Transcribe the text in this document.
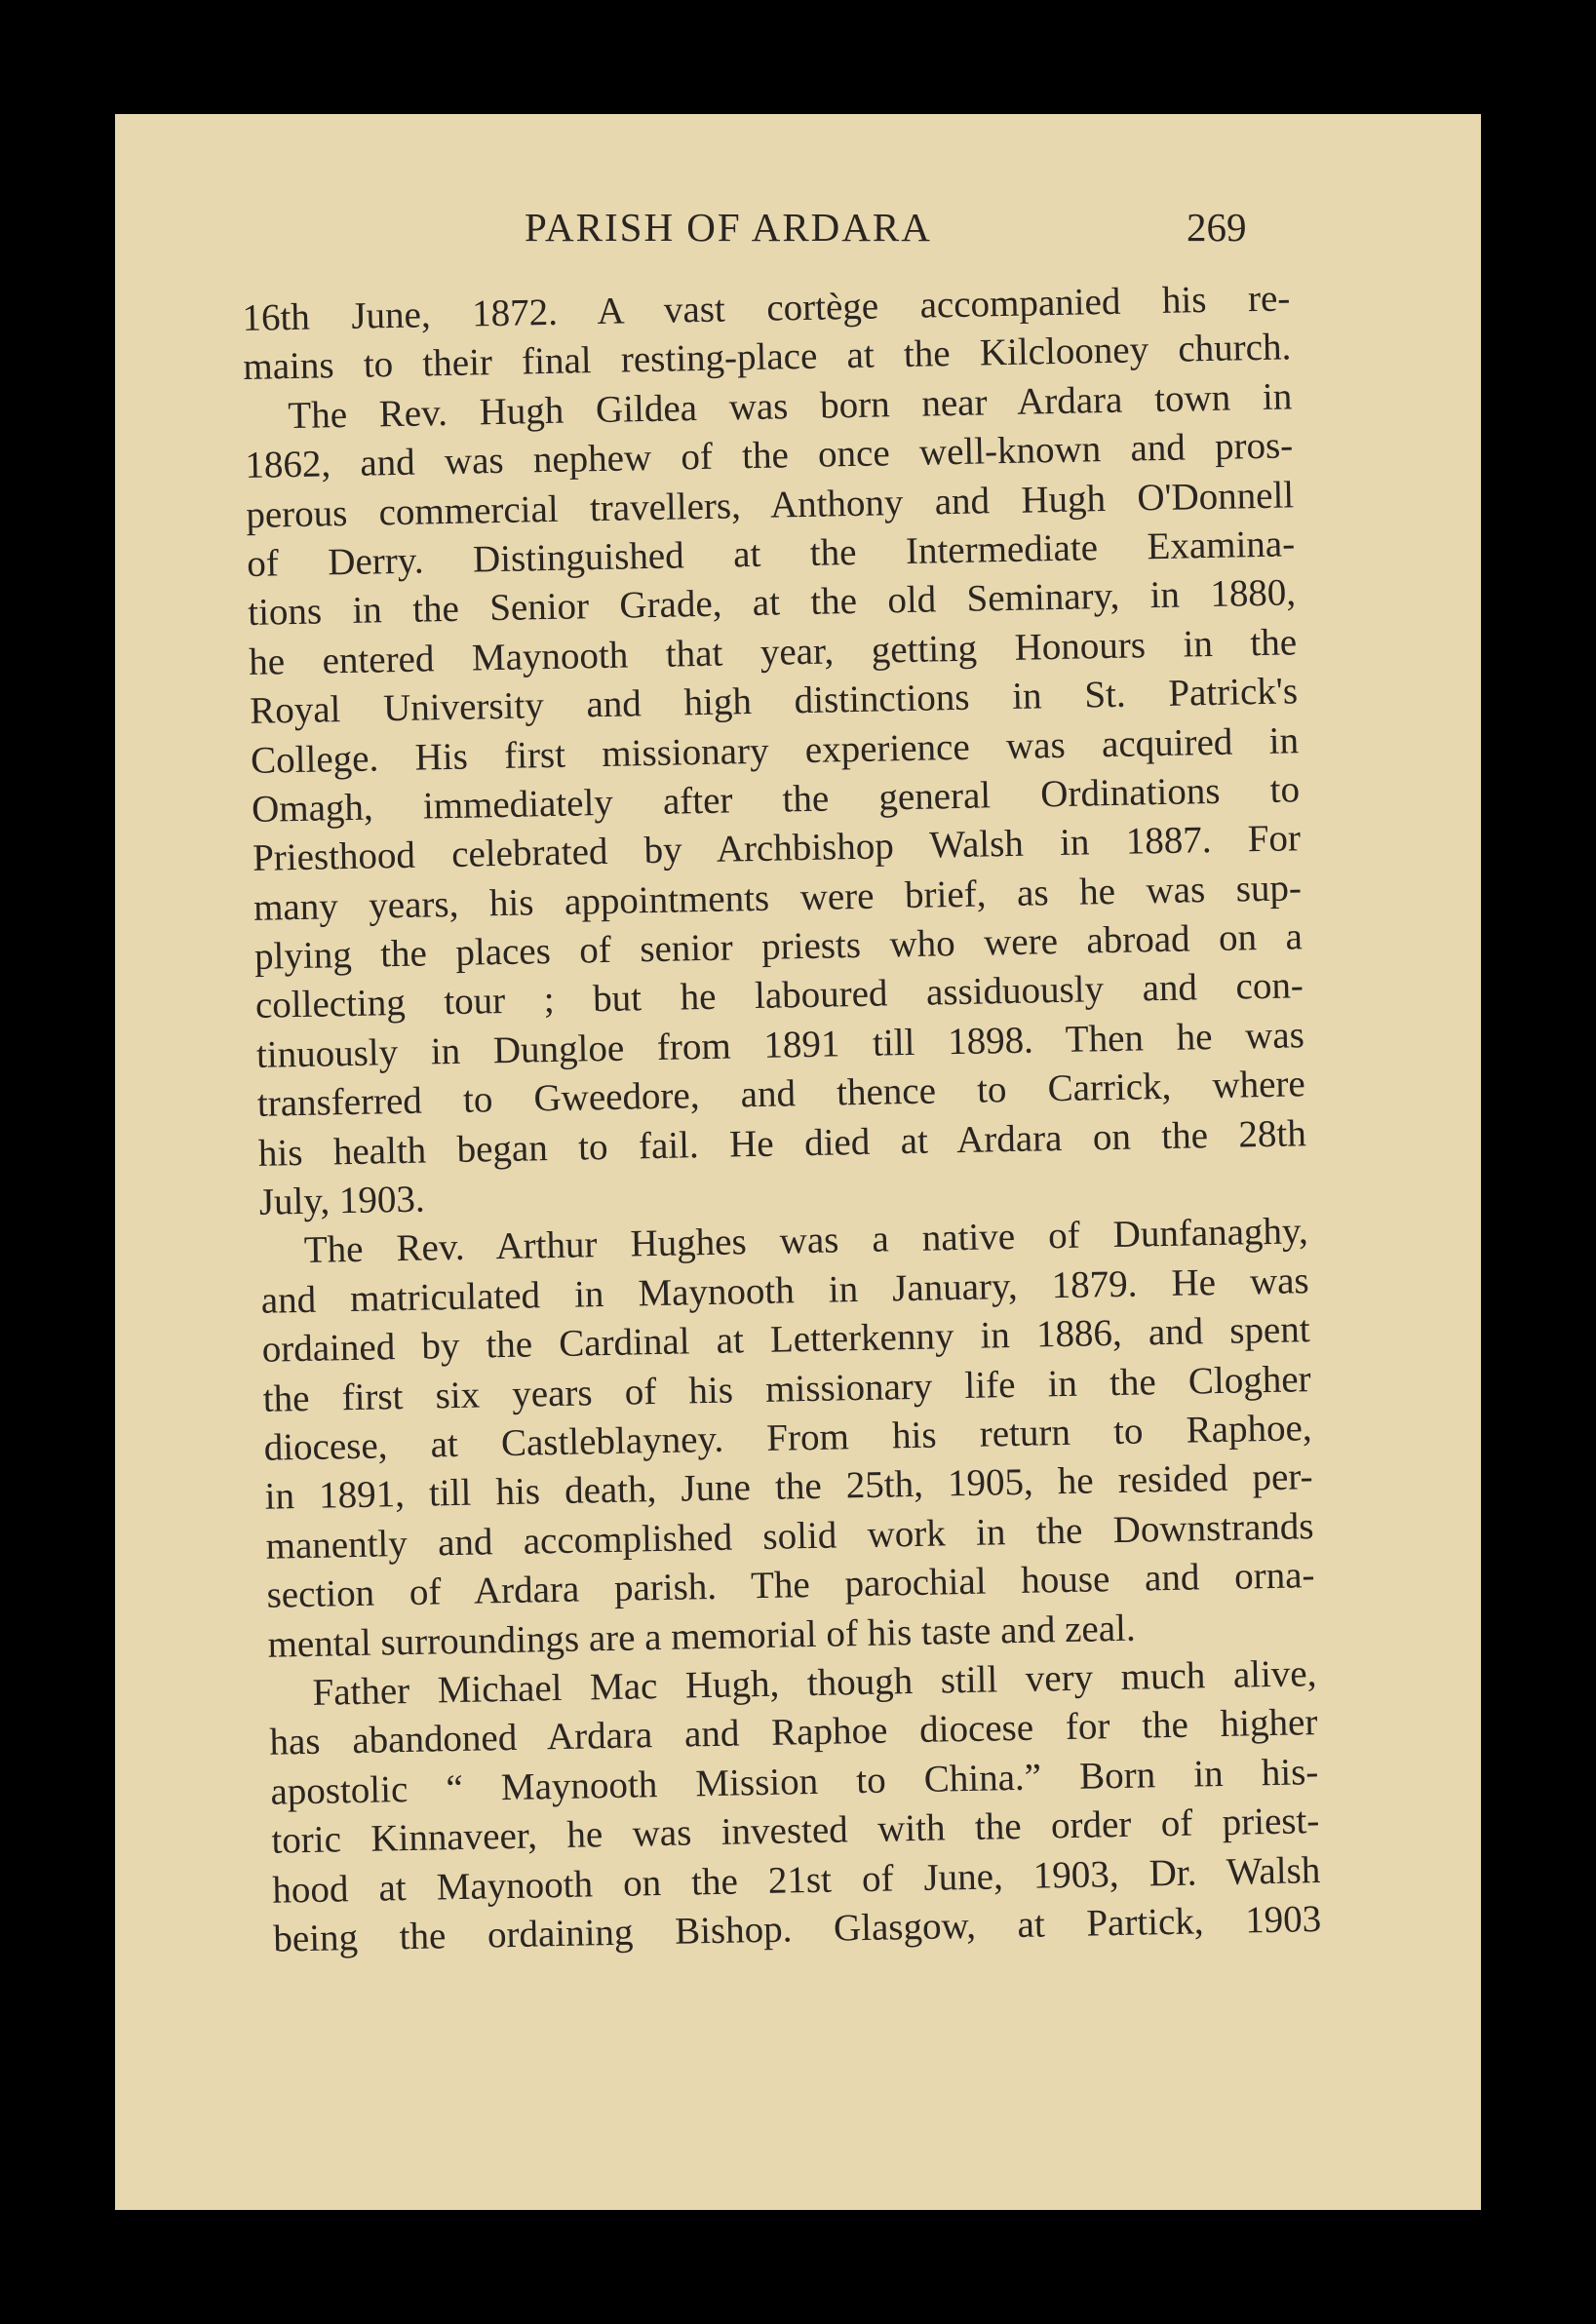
PARISH OF ARDARA	269
16th June, 1872. A vast cortège accompanied his re-
mains to their final resting-place at the Kilclooney church.
The Rev. Hugh Gildea was born near Ardara town in
1862, and was nephew of the once well-known and pros-
perous commercial travellers, Anthony and Hugh O'Donnell
of Derry. Distinguished at the Intermediate Examina-
tions in the Senior Grade, at the old Seminary, in 1880,
he entered Maynooth that year, getting Honours in the
Royal University and high distinctions in St. Patrick's
College. His first missionary experience was acquired in
Omagh, immediately after the general Ordinations to
Priesthood celebrated by Archbishop Walsh in 1887. For
many years, his appointments were brief, as he was sup-
plying the places of senior priests who were abroad on a
collecting tour ; but he laboured assiduously and con-
tinuously in Dungloe from 1891 till 1898. Then he was
transferred to Gweedore, and thence to Carrick, where
his health began to fail. He died at Ardara on the 28th
July, 1903.
The Rev. Arthur Hughes was a native of Dunfanaghy,
and matriculated in Maynooth in January, 1879. He was
ordained by the Cardinal at Letterkenny in 1886, and spent
the first six years of his missionary life in the Clogher
diocese, at Castleblayney. From his return to Raphoe,
in 1891, till his death, June the 25th, 1905, he resided per-
manently and accomplished solid work in the Downstrands
section of Ardara parish. The parochial house and orna-
mental surroundings are a memorial of his taste and zeal.
Father Michael Mac Hugh, though still very much alive,
has abandoned Ardara and Raphoe diocese for the higher
apostolic “ Maynooth Mission to China.” Born in his-
toric Kinnaveer, he was invested with the order of priest-
hood at Maynooth on the 21st of June, 1903, Dr. Walsh
being the ordaining Bishop. Glasgow, at Partick, 1903
